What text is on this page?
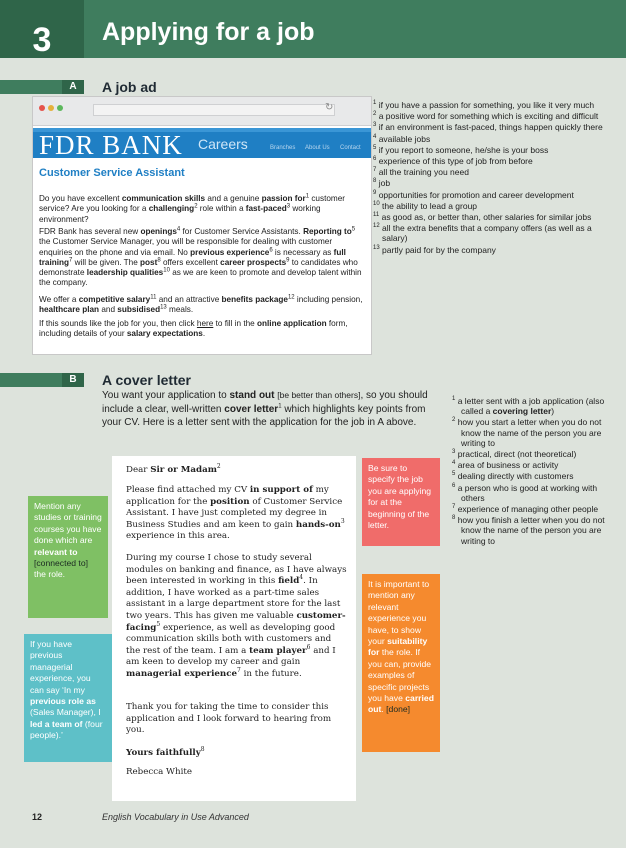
3	Applying for a job
A	A job ad
↻
FDR BANK Careers	Branches About Us Contact
Customer Service Assistant
Do you have excellent communication skills and a genuine passion for$^1$ customer service? Are you looking for a challenging$^2$ role within a fast-paced$^3$ working environment?
FDR Bank has several new openings$^4$ for Customer Service Assistants. Reporting $to^5$ the Customer Service Manager, you will be responsible for dealing with customer enquiries on the phone and via email. No previous experience$^6$ is necessary as full training$^7$ will be given. The post$^8$ offers excellent career prospects$^9$ to candidates who demonstrate leadership qualities$^{10}$ as we are keen to promote and develop talent within the company.
We offer a competitive salary$^{11}$ and an attractive benefits package$^{12}$ including pension, healthcare plan and subsidised$^{13}$ meals.
If this sounds like the job for you, then click here to fill in the online application form, including details of your salary expectations.
$^1$ if you have a passion for something, you like it very much
$^2$ a positive word for something which is exciting and difficult
$^3$ if an environment is fast-paced, things happen quickly there
$^4$ available jobs
$^5$ if you report to someone, he/she is your boss
$^6$ experience of this type of job from before
$^7$ all the training you need
$^8$ job
$^9$ opportunities for promotion and career development
$^{10}$ the ability to lead a group
$^{11}$ as good as, or better than, other salaries for similar jobs
$^{12}$ all the extra benefits that a company offers (as well as a salary)
$^{13}$ partly paid for by the company
B	A cover letter
You want your application to stand out [be better than others], so you should include a clear, well-written cover letter$^1$ which highlights key points from your CV. Here is a letter sent with the application for the job in A above.
$^1$ a letter sent with a job application (also called a covering letter)
$^2$ how you start a letter when you do not know the name of the person you are writing to
$^3$ practical, direct (not theoretical)
$^4$ area of business or activity
$^5$ dealing directly with customers
$^6$ a person who is good at working with others
$^7$ experience of managing other people
$^8$ how you finish a letter when you do not know the name of the person you are writing to
Dear Sir or Madam$^2$
Please find attached my CV in support of my application for the position of Customer Service Assistant. I have just completed my degree in Business Studies and am keen to gain hands-$on^3$ experience in this area.
During my course I chose to study several modules on banking and finance, as I have always been interested in working in this field$^4$. In addition, I have worked as a part-time sales assistant in a large department store for the last two years. This has given me valuable customer-facing$^5$ experience, as well as developing good communication skills both with customers and the rest of the team. I am a team player$^6$ and I am keen to develop my career and gain managerial experience$^7$ in the future.
Thank you for taking the time to consider this application and I look forward to hearing from you.
Yours faithfully$^8$
Rebecca White
Mention any studies or training courses you have done which are relevant to [connected to] the role.
If you have previous managerial experience, you can say ‘In my previous role as (Sales Manager), I led a team of (four people).’
Be sure to specify the job you are applying for at the beginning of the letter.
It is important to mention any relevant experience you have, to show your suitability for the role. If you can, provide examples of specific projects you have carried out. [done]
12	English Vocabulary in Use Advanced
